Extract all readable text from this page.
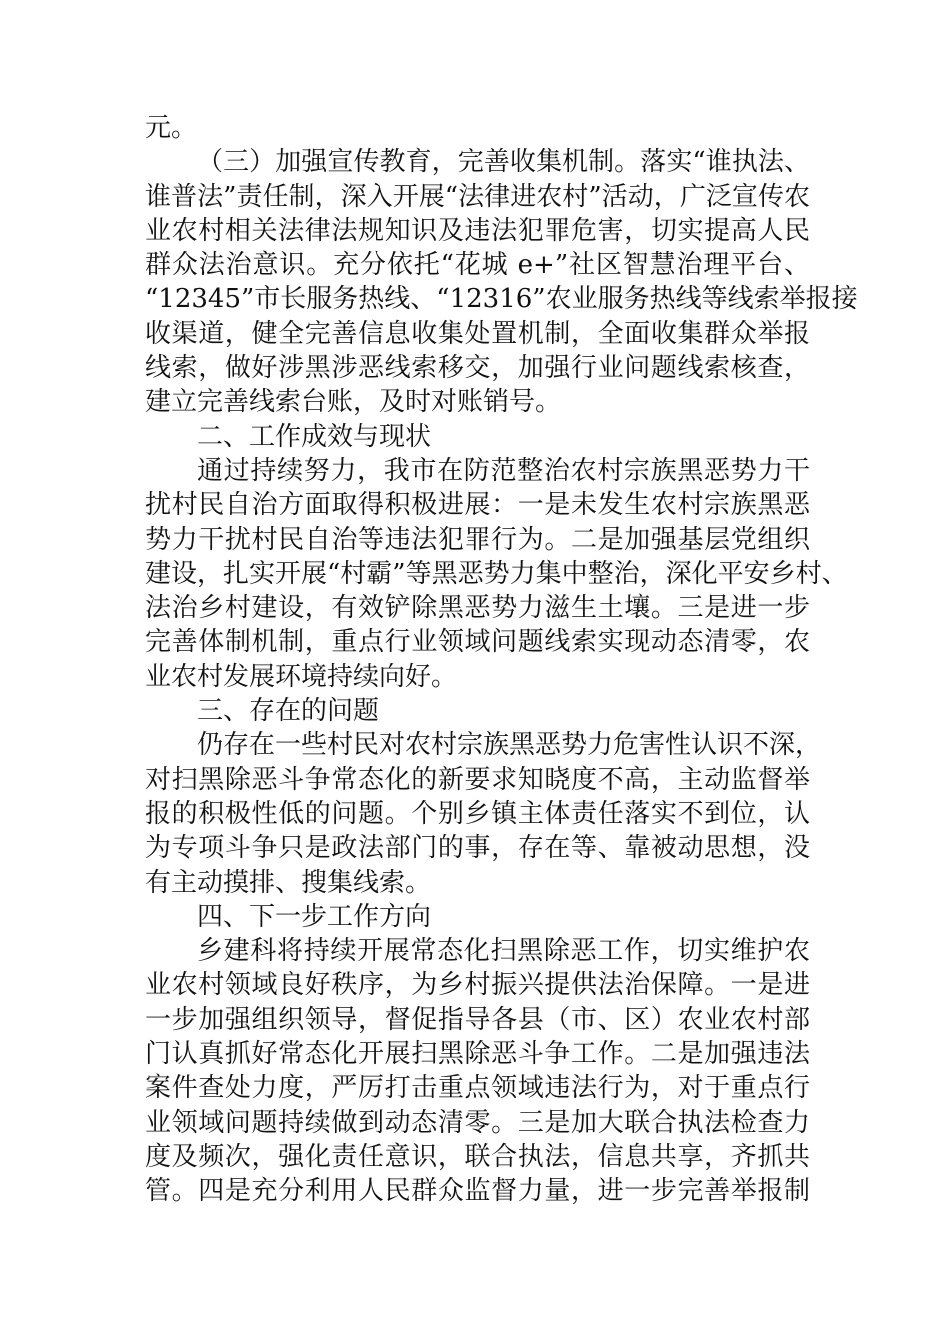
元。
（三）加强宣传教育，完善收集机制。落实“谁执法、
谁普法”责任制，深入开展“法律进农村”活动，广泛宣传农
业农村相关法律法规知识及违法犯罪危害，切实提高人民
群众法治意识。充分依托“花城 e+”社区智慧治理平台、
“12345”市长服务热线、“12316”农业服务热线等线索举报接
收渠道，健全完善信息收集处置机制，全面收集群众举报
线索，做好涉黑涉恶线索移交，加强行业问题线索核查，
建立完善线索台账，及时对账销号。
二、工作成效与现状
通过持续努力，我市在防范整治农村宗族黑恶势力干
扰村民自治方面取得积极进展：一是未发生农村宗族黑恶
势力干扰村民自治等违法犯罪行为。二是加强基层党组织
建设，扎实开展“村霸”等黑恶势力集中整治，深化平安乡村、
法治乡村建设，有效铲除黑恶势力滋生土壤。三是进一步
完善体制机制，重点行业领域问题线索实现动态清零，农
业农村发展环境持续向好。
三、存在的问题
仍存在一些村民对农村宗族黑恶势力危害性认识不深，
对扫黑除恶斗争常态化的新要求知晓度不高，主动监督举
报的积极性低的问题。个别乡镇主体责任落实不到位，认
为专项斗争只是政法部门的事，存在等、靠被动思想，没
有主动摸排、搜集线索。
四、下一步工作方向
乡建科将持续开展常态化扫黑除恶工作，切实维护农
业农村领域良好秩序，为乡村振兴提供法治保障。一是进
一步加强组织领导，督促指导各县（市、区）农业农村部
门认真抓好常态化开展扫黑除恶斗争工作。二是加强违法
案件查处力度，严厉打击重点领域违法行为，对于重点行
业领域问题持续做到动态清零。三是加大联合执法检查力
度及频次，强化责任意识，联合执法，信息共享，齐抓共
管。四是充分利用人民群众监督力量，进一步完善举报制
